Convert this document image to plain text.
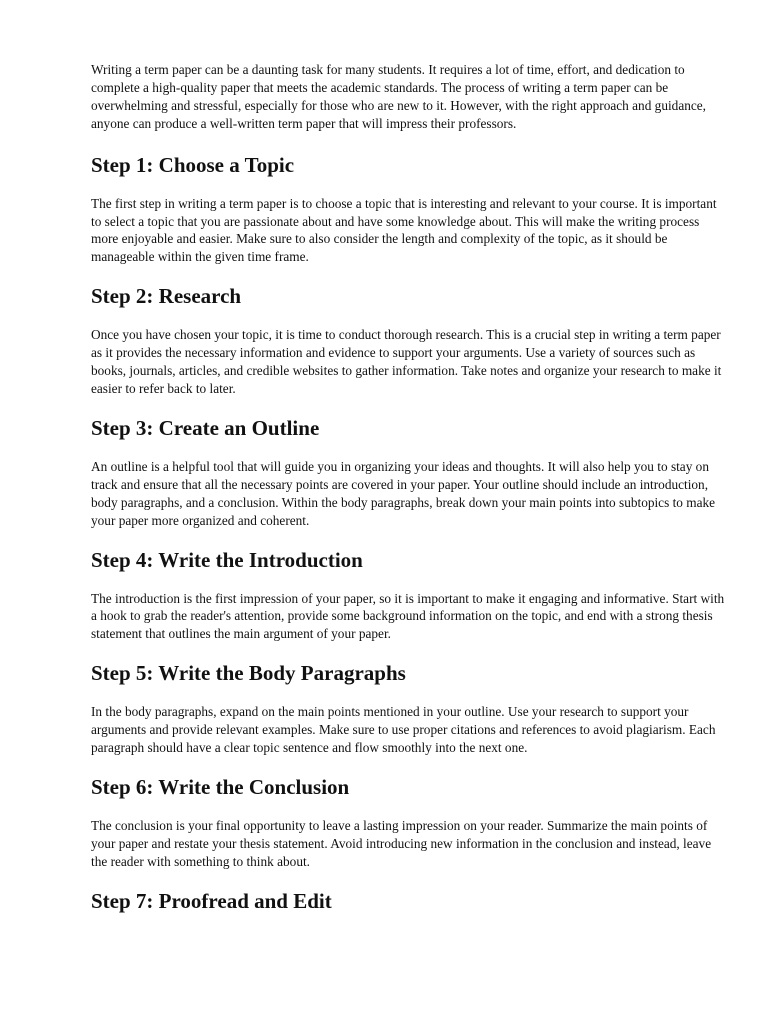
Writing a term paper can be a daunting task for many students. It requires a lot of time, effort, and dedication to complete a high-quality paper that meets the academic standards. The process of writing a term paper can be overwhelming and stressful, especially for those who are new to it. However, with the right approach and guidance, anyone can produce a well-written term paper that will impress their professors.

Step 1: Choose a Topic

The first step in writing a term paper is to choose a topic that is interesting and relevant to your course. It is important to select a topic that you are passionate about and have some knowledge about. This will make the writing process more enjoyable and easier. Make sure to also consider the length and complexity of the topic, as it should be manageable within the given time frame.

Step 2: Research

Once you have chosen your topic, it is time to conduct thorough research. This is a crucial step in writing a term paper as it provides the necessary information and evidence to support your arguments. Use a variety of sources such as books, journals, articles, and credible websites to gather information. Take notes and organize your research to make it easier to refer back to later.

Step 3: Create an Outline

An outline is a helpful tool that will guide you in organizing your ideas and thoughts. It will also help you to stay on track and ensure that all the necessary points are covered in your paper. Your outline should include an introduction, body paragraphs, and a conclusion. Within the body paragraphs, break down your main points into subtopics to make your paper more organized and coherent.

Step 4: Write the Introduction

The introduction is the first impression of your paper, so it is important to make it engaging and informative. Start with a hook to grab the reader's attention, provide some background information on the topic, and end with a strong thesis statement that outlines the main argument of your paper.

Step 5: Write the Body Paragraphs

In the body paragraphs, expand on the main points mentioned in your outline. Use your research to support your arguments and provide relevant examples. Make sure to use proper citations and references to avoid plagiarism. Each paragraph should have a clear topic sentence and flow smoothly into the next one.

Step 6: Write the Conclusion

The conclusion is your final opportunity to leave a lasting impression on your reader. Summarize the main points of your paper and restate your thesis statement. Avoid introducing new information in the conclusion and instead, leave the reader with something to think about.

Step 7: Proofread and Edit
